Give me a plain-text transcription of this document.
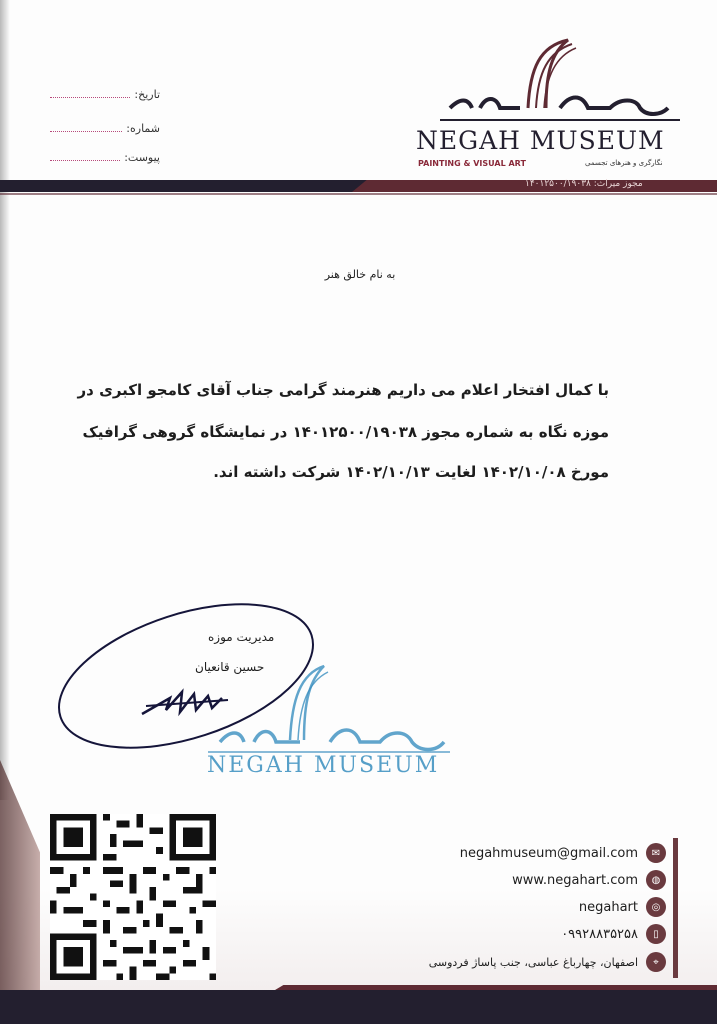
تاریخ:
شماره:
پیوست:
NEGAH MUSEUM
PAINTING & VISUAL ART	نگارگری و هنرهای تجسمی
مجوز میراث: ۱۴۰۱۲۵۰۰/۱۹۰۳۸
به نام خالق هنر
با کمال افتخار اعلام می داریم هنرمند گرامی جناب آقای کامجو اکبری در
موزه نگاه به شماره مجوز ۱۴۰۱۲۵۰۰/۱۹۰۳۸ در نمایشگاه گروهی گرافیک
مورخ ۱۴۰۲/۱۰/۰۸ لغایت ۱۴۰۲/۱۰/۱۳ شرکت داشته اند.
مدیریت موزه
حسین قانعیان
NEGAH MUSEUM
negahmuseum@gmail.com	✉
www.negahart.com	◍
negahart	◎
۰۹۹۲۸۸۳۵۲۵۸	▯
اصفهان، چهارباغ عباسی، جنب پاساژ فردوسی	⌖
